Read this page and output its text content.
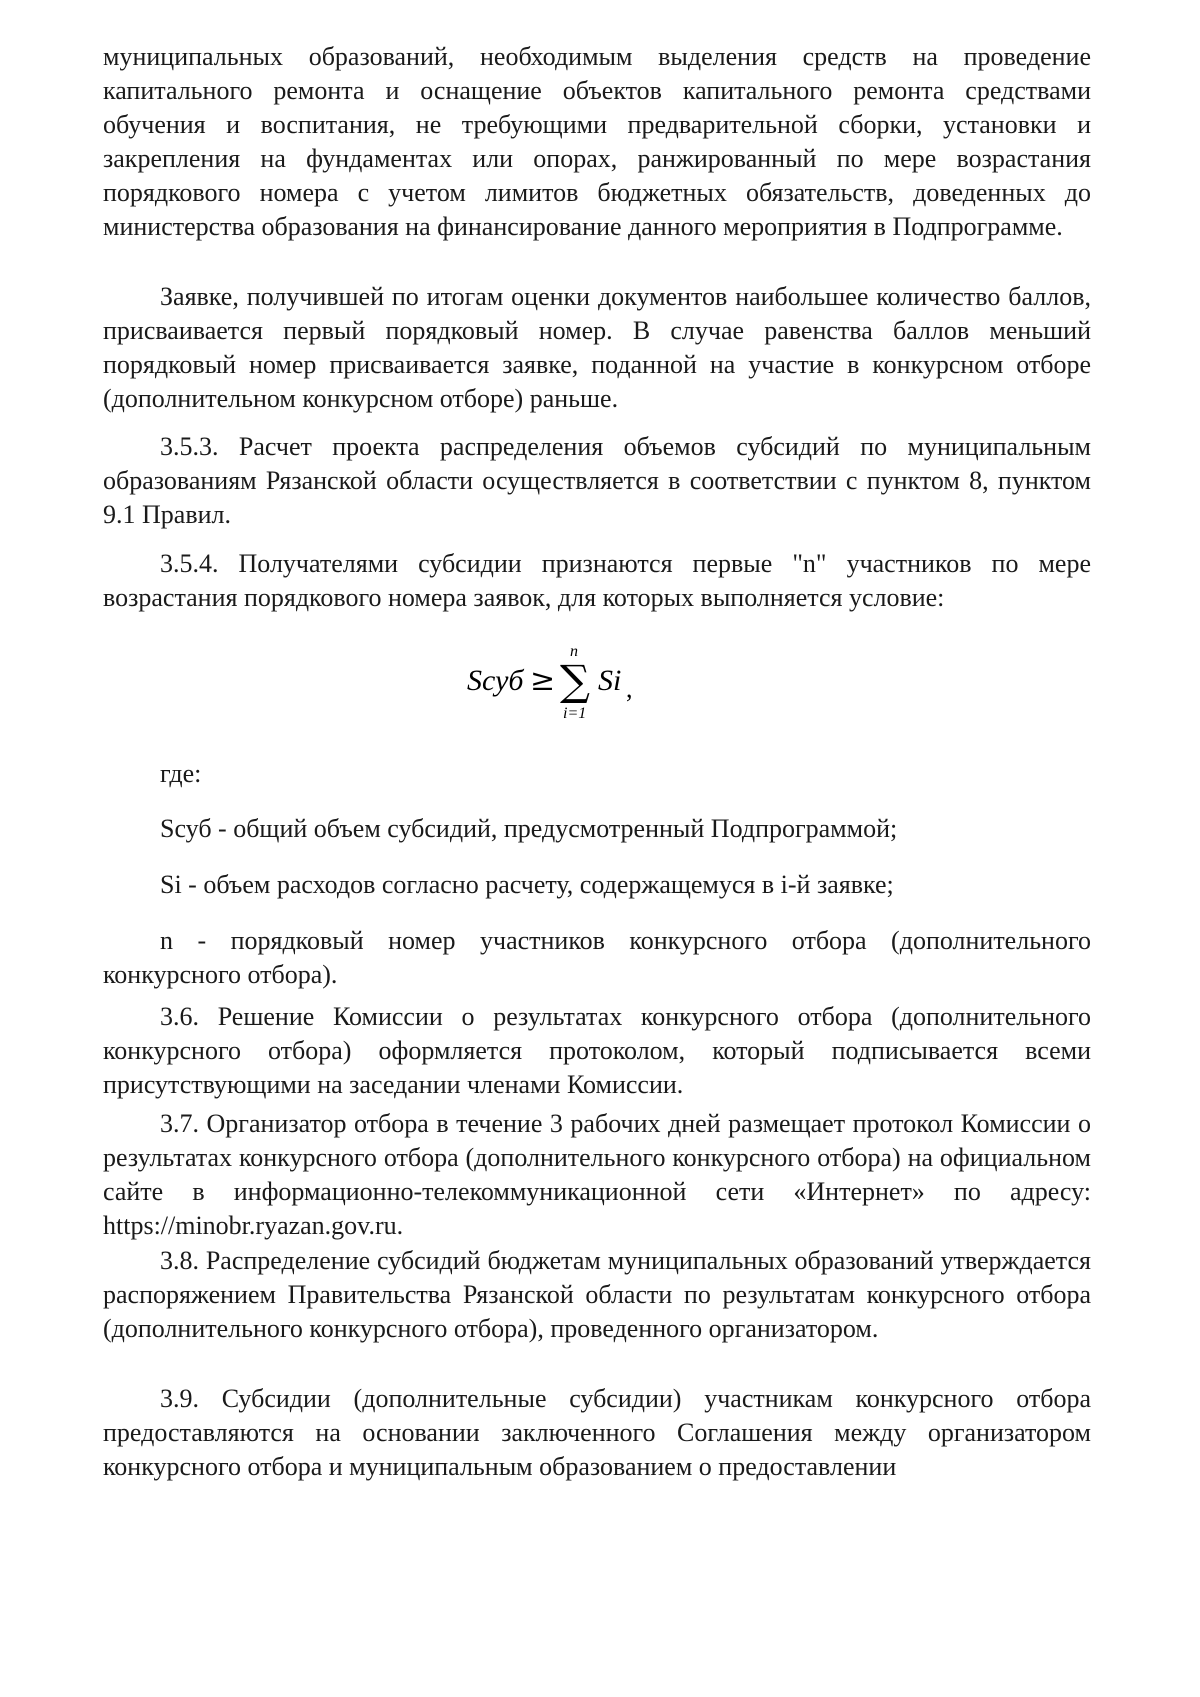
муниципальных образований, необходимым выделения средств на проведение капитального ремонта и оснащение объектов капитального ремонта средствами обучения и воспитания, не требующими предварительной сборки, установки и закрепления на фундаментах или опорах, ранжированный по мере возрастания порядкового номера с учетом лимитов бюджетных обязательств, доведенных до министерства образования на финансирование данного мероприятия в Подпрограмме.

Заявке, получившей по итогам оценки документов наибольшее количество баллов, присваивается первый порядковый номер. В случае равенства баллов меньший порядковый номер присваивается заявке, поданной на участие в конкурсном отборе (дополнительном конкурсном отборе) раньше.

3.5.3. Расчет проекта распределения объемов субсидий по муниципальным образованиям Рязанской области осуществляется в соответствии с пунктом 8, пунктом 9.1 Правил.

3.5.4. Получателями субсидии признаются первые "n" участников по мере возрастания порядкового номера заявок, для которых выполняется условие:

Sсуб ≥ ∑
n
i=1
Si ,

где:

Sсуб - общий объем субсидий, предусмотренный Подпрограммой;

Si - объем расходов согласно расчету, содержащемуся в i-й заявке;

n - порядковый номер участников конкурсного отбора (дополнительного конкурсного отбора).

3.6. Решение Комиссии о результатах конкурсного отбора (дополнительного конкурсного отбора) оформляется протоколом, который подписывается всеми присутствующими на заседании членами Комиссии.

3.7. Организатор отбора в течение 3 рабочих дней размещает протокол Комиссии о результатах конкурсного отбора (дополнительного конкурсного отбора) на официальном сайте в информационно-телекоммуникационной сети «Интернет» по адресу: https://minobr.ryazan.gov.ru.

3.8. Распределение субсидий бюджетам муниципальных образований утверждается распоряжением Правительства Рязанской области по результатам конкурсного отбора (дополнительного конкурсного отбора), проведенного организатором.

3.9. Субсидии (дополнительные субсидии) участникам конкурсного отбора предоставляются на основании заключенного Соглашения между организатором конкурсного отбора и муниципальным образованием о предоставлении
